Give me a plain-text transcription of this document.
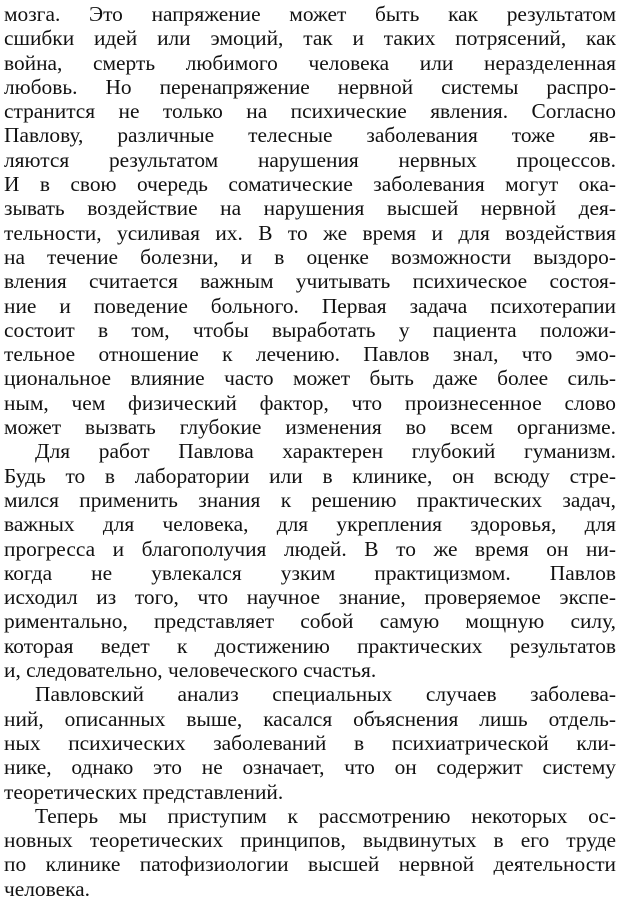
мозга. Это напряжение может быть как результатом
сшибки идей или эмоций, так и таких потрясений, как
война, смерть любимого человека или неразделенная
любовь. Но перенапряжение нервной системы распро-
странится не только на психические явления. Согласно
Павлову, различные телесные заболевания тоже яв-
ляются результатом нарушения нервных процессов.
И в свою очередь соматические заболевания могут ока-
зывать воздействие на нарушения высшей нервной дея-
тельности, усиливая их. В то же время и для воздействия
на течение болезни, и в оценке возможности выздоро-
вления считается важным учитывать психическое состоя-
ние и поведение больного. Первая задача психотерапии
состоит в том, чтобы выработать у пациента положи-
тельное отношение к лечению. Павлов знал, что эмо-
циональное влияние часто может быть даже более силь-
ным, чем физический фактор, что произнесенное слово
может вызвать глубокие изменения во всем организме.
Для работ Павлова характерен глубокий гуманизм.
Будь то в лаборатории или в клинике, он всюду стре-
мился применить знания к решению практических задач,
важных для человека, для укрепления здоровья, для
прогресса и благополучия людей. В то же время он ни-
когда не увлекался узким практицизмом. Павлов
исходил из того, что научное знание, проверяемое экспе-
риментально, представляет собой самую мощную силу,
которая ведет к достижению практических результатов
и, следовательно, человеческого счастья.
Павловский анализ специальных случаев заболева-
ний, описанных выше, касался объяснения лишь отдель-
ных психических заболеваний в психиатрической кли-
нике, однако это не означает, что он содержит систему
теоретических представлений.
Теперь мы приступим к рассмотрению некоторых ос-
новных теоретических принципов, выдвинутых в его труде
по клинике патофизиологии высшей нервной деятельности
человека.
